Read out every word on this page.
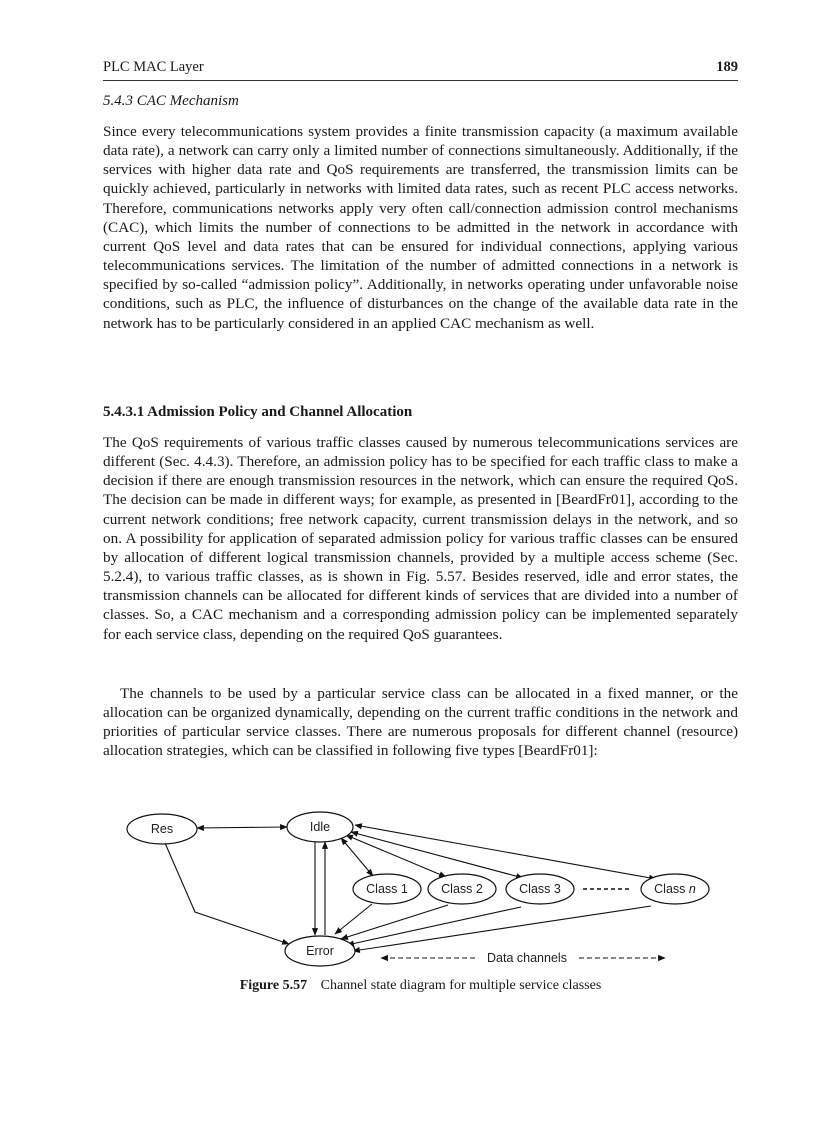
PLC MAC Layer	189
5.4.3 CAC Mechanism

Since every telecommunications system provides a finite transmission capacity (a maximum available data rate), a network can carry only a limited number of connections simultaneously. Additionally, if the services with higher data rate and QoS requirements are transferred, the transmission limits can be quickly achieved, particularly in networks with limited data rates, such as recent PLC access networks. Therefore, communications networks apply very often call/connection admission control mechanisms (CAC), which limits the number of connections to be admitted in the network in accordance with current QoS level and data rates that can be ensured for individual connections, applying various telecommunications services. The limitation of the number of admitted connections in a network is specified by so-called “admission policy”. Additionally, in networks operating under unfavorable noise conditions, such as PLC, the influence of disturbances on the change of the available data rate in the network has to be particularly considered in an applied CAC mechanism as well.

5.4.3.1 Admission Policy and Channel Allocation

The QoS requirements of various traffic classes caused by numerous telecommunications services are different (Sec. 4.4.3). Therefore, an admission policy has to be specified for each traffic class to make a decision if there are enough transmission resources in the network, which can ensure the required QoS. The decision can be made in different ways; for example, as presented in [BeardFr01], according to the current network conditions; free network capacity, current transmission delays in the network, and so on. A possibility for application of separated admission policy for various traffic classes can be ensured by allocation of different logical transmission channels, provided by a multiple access scheme (Sec. 5.2.4), to various traffic classes, as is shown in Fig. 5.57. Besides reserved, idle and error states, the transmission channels can be allocated for different kinds of services that are divided into a number of classes. So, a CAC mechanism and a corresponding admission policy can be implemented separately for each service class, depending on the required QoS guarantees.

The channels to be used by a particular service class can be allocated in a fixed manner, or the allocation can be organized dynamically, depending on the current traffic conditions in the network and priorities of particular service classes. There are numerous proposals for different channel (resource) allocation strategies, which can be classified in following five types [BeardFr01]:

Data channels
Res	Idle
Class 1	Class 2	Class 3	Class n
Error
Figure 5.57 Channel state diagram for multiple service classes
